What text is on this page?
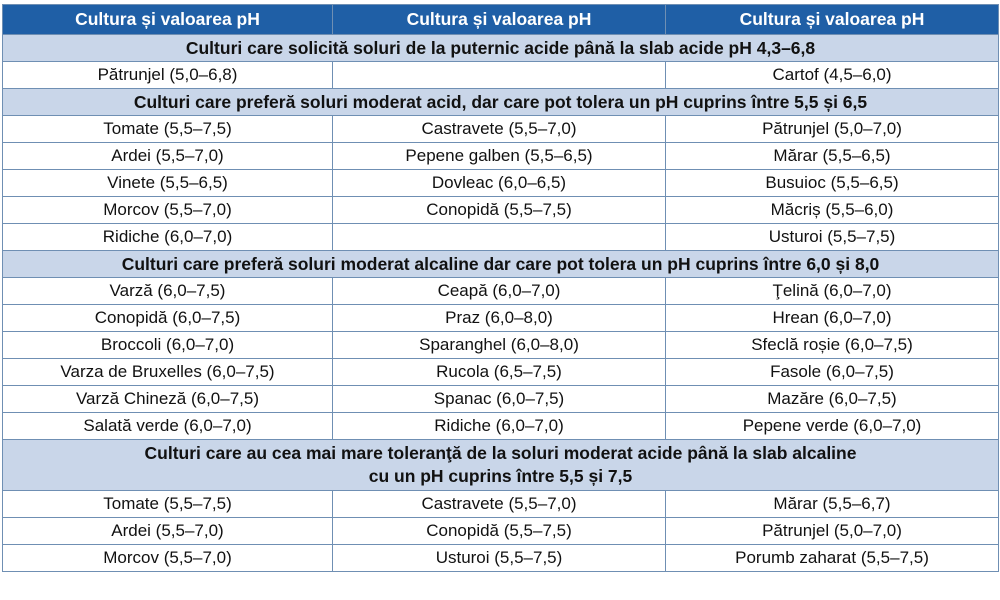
Cultura și valoarea pH	Cultura și valoarea pH	Cultura și valoarea pH
Culturi care solicită soluri de la puternic acide până la slab acide pH 4,3–6,8		
Pătrunjel (5,0–6,8)		Cartof (4,5–6,0)
Culturi care preferă soluri moderat acid, dar care pot tolera un pH cuprins între 5,5 și 6,5		
Tomate (5,5–7,5)	Castravete (5,5–7,0)	Pătrunjel (5,0–7,0)
Ardei (5,5–7,0)	Pepene galben (5,5–6,5)	Mărar (5,5–6,5)
Vinete (5,5–6,5)	Dovleac (6,0–6,5)	Busuioc (5,5–6,5)
Morcov (5,5–7,0)	Conopidă (5,5–7,5)	Măcriș (5,5–6,0)
Ridiche (6,0–7,0)		Usturoi (5,5–7,5)
Culturi care preferă soluri moderat alcaline dar care pot tolera un pH cuprins între 6,0 și 8,0		
Varză (6,0–7,5)	Ceapă (6,0–7,0)	Ţelină (6,0–7,0)
Conopidă (6,0–7,5)	Praz (6,0–8,0)	Hrean (6,0–7,0)
Broccoli (6,0–7,0)	Sparanghel (6,0–8,0)	Sfeclă roșie (6,0–7,5)
Varza de Bruxelles (6,0–7,5)	Rucola (6,5–7,5)	Fasole (6,0–7,5)
Varză Chineză (6,0–7,5)	Spanac (6,0–7,5)	Mazăre (6,0–7,5)
Salată verde (6,0–7,0)	Ridiche (6,0–7,0)	Pepene verde (6,0–7,0)
Culturi care au cea mai mare toleranţă de la soluri moderat acide până la slab alcaline
cu un pH cuprins între 5,5 și 7,5		
Tomate (5,5–7,5)	Castravete (5,5–7,0)	Mărar (5,5–6,7)
Ardei (5,5–7,0)	Conopidă (5,5–7,5)	Pătrunjel (5,0–7,0)
Morcov (5,5–7,0)	Usturoi (5,5–7,5)	Porumb zaharat (5,5–7,5)
